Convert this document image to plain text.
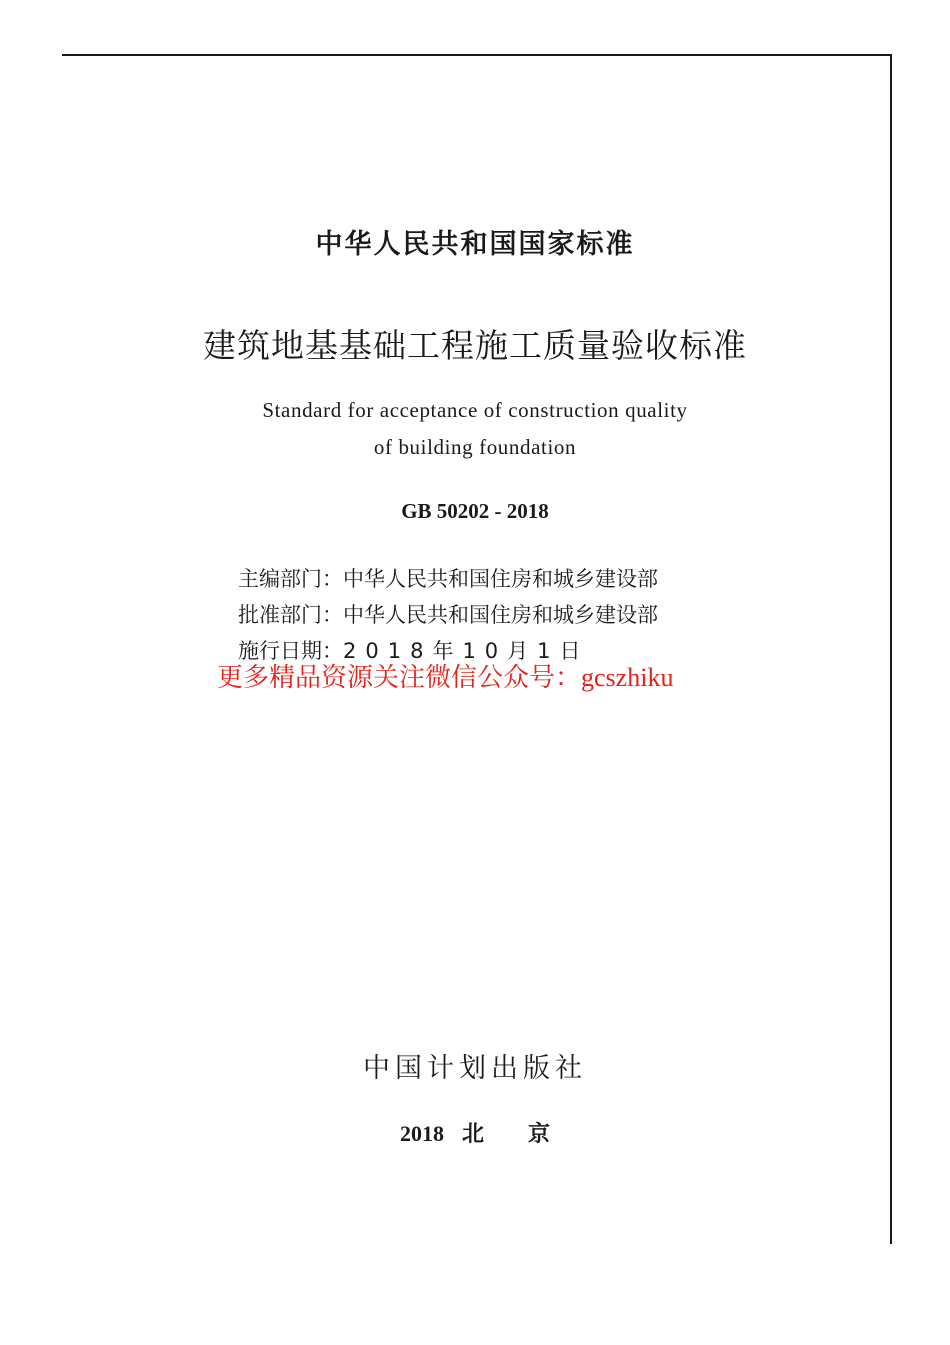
中华人民共和国国家标准
建筑地基基础工程施工质量验收标准
Standard for acceptance of construction quality
of building foundation
GB 50202 - 2018
主编部门：中华人民共和国住房和城乡建设部
批准部门：中华人民共和国住房和城乡建设部
施行日期：2018年10月1日
更多精品资源关注微信公众号：gcszhiku
中国计划出版社
2018 北 京
